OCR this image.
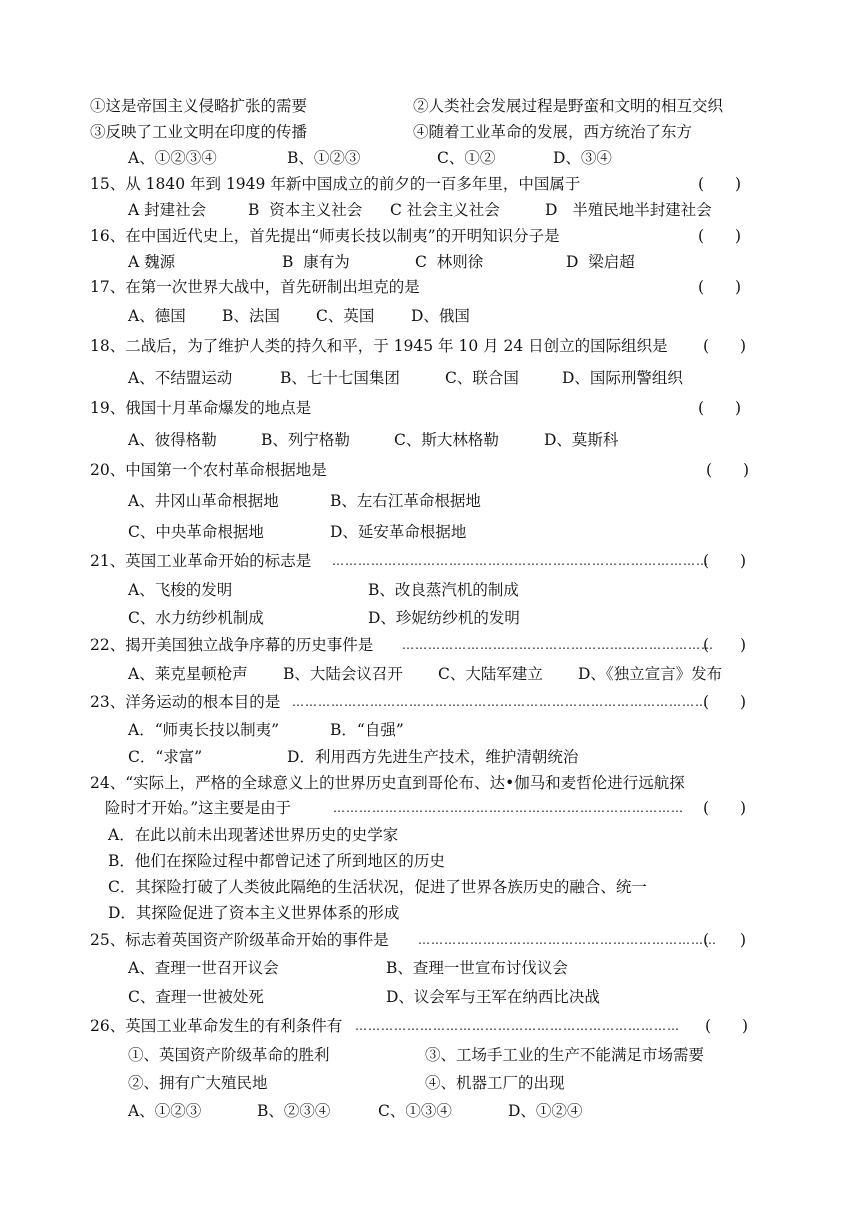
①这是帝国主义侵略扩张的需要	②人类社会发展过程是野蛮和文明的相互交织
③反映了工业文明在印度的传播	④随着工业革命的发展，西方统治了东方
A、①②③④	B、①②③	C、①②	D、③④
15、从 1840 年到 1949 年新中国成立的前夕的一百多年里，中国属于	(　　)
A 封建社会	B  资本主义社会 C 社会主义社会	D   半殖民地半封建社会
16、在中国近代史上，首先提出“师夷长技以制夷”的开明知识分子是	(　　)
A 魏源	B  康有为	C  林则徐	D  梁启超
17、在第一次世界大战中，首先研制出坦克的是	(　　)
A、德国 B、法国 C、英国 D、俄国
18、二战后，为了维护人类的持久和平，于 1945 年 10 月 24 日创立的国际组织是 (　　)
A、不结盟运动	B、七十七国集团	C、联合国	D、国际刑警组织
19、俄国十月革命爆发的地点是	(　　)
A、彼得格勒	B、列宁格勒	C、斯大林格勒	D、莫斯科
20、中国第一个农村革命根据地是	(　　)
A、井冈山革命根据地	B、左右江革命根据地
C、中央革命根据地	D、延安革命根据地
21、英国工业革命开始的标志是 ……………………………………………………………………………
(　　)
A、飞梭的发明	B、改良蒸汽机的制成
C、水力纺纱机制成	D、珍妮纺纱机的发明
22、揭开美国独立战争序幕的历史事件是 ………………………………………………………………
(　　)
A、莱克星顿枪声 B、大陆会议召开 C、大陆军建立 D、《独立宣言》发布
23、洋务运动的根本目的是 ……………………………………………………………………………………
(　　)
A．“师夷长技以制夷”	B．“自强”
C．“求富”	D．利用西方先进生产技术，维护清朝统治
24、“实际上，严格的全球意义上的世界历史直到哥伦布、达•伽马和麦哲伦进行远航探
险时才开始。”这主要是由于	……………………………………………………………………… (　　)
A．在此以前未出现著述世界历史的史学家
B．他们在探险过程中都曾记述了所到地区的历史
C．其探险打破了人类彼此隔绝的生活状况，促进了世界各族历史的融合、统一
D．其探险促进了资本主义世界体系的形成
25、标志着英国资产阶级革命开始的事件是 ……………………………………………………………
(　　)
A、查理一世召开议会	B、查理一世宣布讨伐议会
C、查理一世被处死	D、议会军与王军在纳西比决战
26、英国工业革命发生的有利条件有 ………………………………………………………………… (　　)
①、英国资产阶级革命的胜利	③、工场手工业的生产不能满足市场需要
②、拥有广大殖民地	④、机器工厂的出现
A、①②③	B、②③④	C、①③④	D、①②④
